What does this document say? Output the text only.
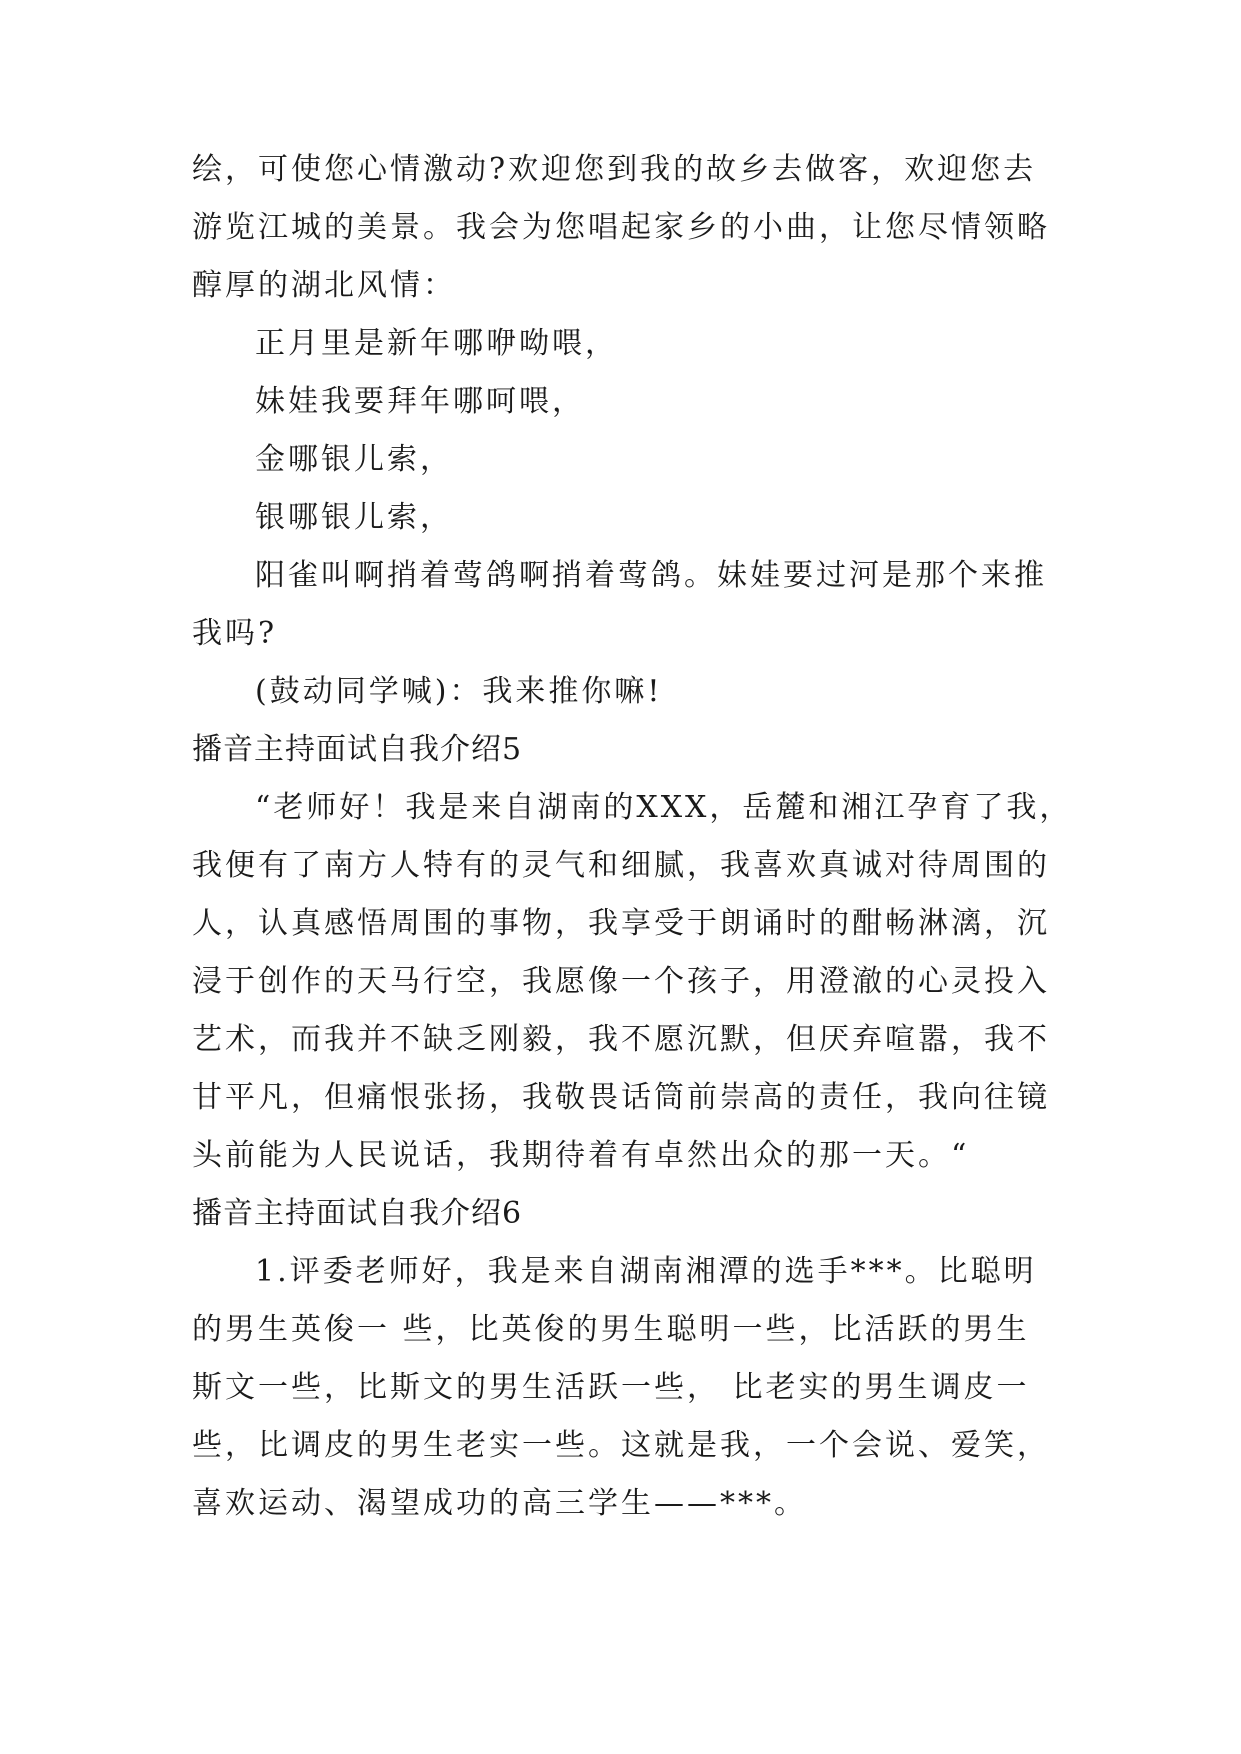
绘，可使您心情激动?欢迎您到我的故乡去做客，欢迎您去
游览江城的美景。我会为您唱起家乡的小曲，让您尽情领略
醇厚的湖北风情：
正月里是新年哪咿呦喂，
妹娃我要拜年哪呵喂，
金哪银儿索，
银哪银儿索，
阳雀叫啊捎着莺鸽啊捎着莺鸽。妹娃要过河是那个来推
我吗?
(鼓动同学喊)：我来推你嘛!
播音主持面试自我介绍5
“老师好！我是来自湖南的XXX，岳麓和湘江孕育了我，
我便有了南方人特有的灵气和细腻，我喜欢真诚对待周围的
人，认真感悟周围的事物，我享受于朗诵时的酣畅淋漓，沉
浸于创作的天马行空，我愿像一个孩子，用澄澈的心灵投入
艺术，而我并不缺乏刚毅，我不愿沉默，但厌弃喧嚣，我不
甘平凡，但痛恨张扬，我敬畏话筒前崇高的责任，我向往镜
头前能为人民说话，我期待着有卓然出众的那一天。“
播音主持面试自我介绍6
1.评委老师好，我是来自湖南湘潭的选手***。比聪明
的男生英俊一 些，比英俊的男生聪明一些，比活跃的男生
斯文一些，比斯文的男生活跃一些， 比老实的男生调皮一
些，比调皮的男生老实一些。这就是我，一个会说、爱笑，
喜欢运动、渴望成功的高三学生——***。
